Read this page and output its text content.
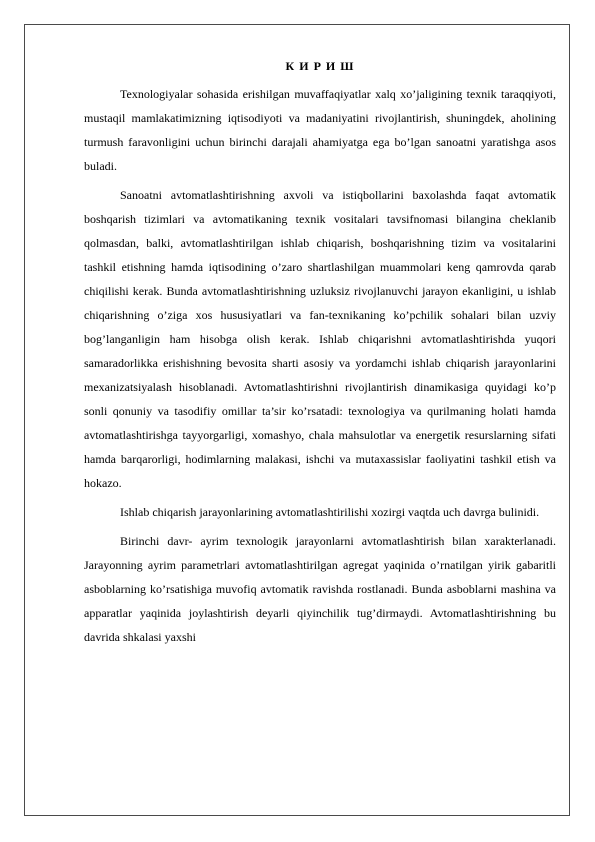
К И Р И Ш

Texnologiyalar sohasida erishilgan muvaffaqiyatlar xalq xo’jaligining texnik taraqqiyoti, mustaqil mamlakatimizning iqtisodiyoti va madaniyatini rivojlantirish, shuningdek, aholining turmush faravonligini uchun birinchi darajali ahamiyatga ega bo’lgan sanoatni yaratishga asos buladi.

Sanoatni avtomatlashtirishning axvoli va istiqbollarini baxolashda faqat avtomatik boshqarish tizimlari va avtomatikaning texnik vositalari tavsifnomasi bilangina cheklanib qolmasdan, balki, avtomatlashtirilgan ishlab chiqarish, boshqarishning tizim va vositalarini tashkil etishning hamda iqtisodining o’zaro shartlashilgan muammolari keng qamrovda qarab chiqilishi kerak. Bunda avtomatlashtirishning uzluksiz rivojlanuvchi jarayon ekanligini, u ishlab chiqarishning o’ziga xos hususiyatlari va fan-texnikaning ko’pchilik sohalari bilan uzviy bog’langanligin ham hisobga olish kerak. Ishlab chiqarishni avtomatlashtirishda yuqori samaradorlikka erishishning bevosita sharti asosiy va yordamchi ishlab chiqarish jarayonlarini mexanizatsiyalash hisoblanadi. Avtomatlashtirishni rivojlantirish dinamikasiga quyidagi ko’p sonli qonuniy va tasodifiy omillar ta’sir ko’rsatadi: texnologiya va qurilmaning holati hamda avtomatlashtirishga tayyorgarligi, xomashyo, chala mahsulotlar va energetik resurslarning sifati hamda barqarorligi, hodimlarning malakasi, ishchi va mutaxassislar faoliyatini tashkil etish va hokazo.

Ishlab chiqarish jarayonlarining avtomatlashtirilishi xozirgi vaqtda uch davrga bulinidi.

Birinchi davr- ayrim texnologik jarayonlarni avtomatlashtirish bilan xarakterlanadi. Jarayonning ayrim parametrlari avtomatlashtirilgan agregat yaqinida o’rnatilgan yirik gabaritli asboblarning ko’rsatishiga muvofiq avtomatik ravishda rostlanadi. Bunda asboblarni mashina va apparatlar yaqinida joylashtirish deyarli qiyinchilik tug’dirmaydi. Avtomatlashtirishning bu davrida shkalasi yaxshi
